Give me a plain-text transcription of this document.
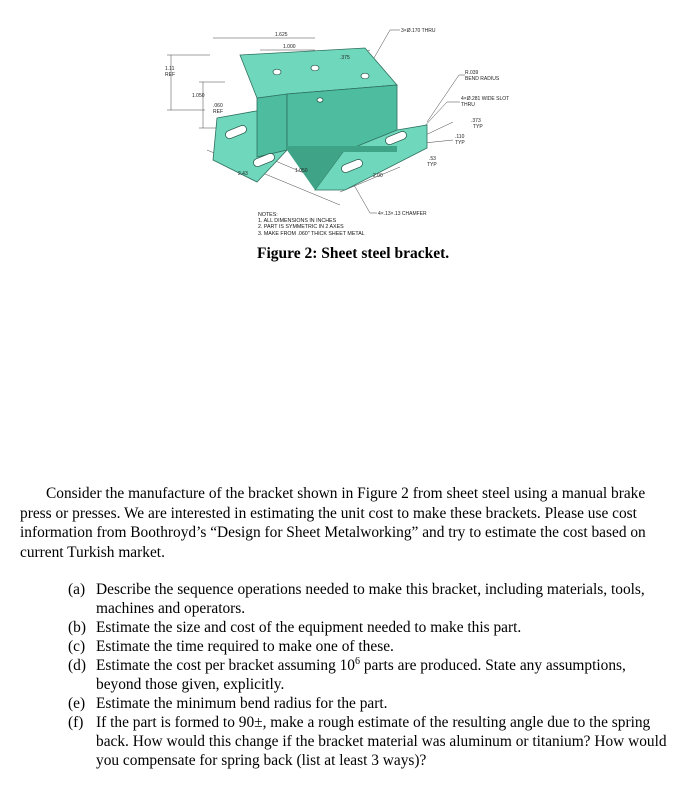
3×Ø.170 THRU
1.625
1.000
.375
1.11
REF
1.050
.060
REF
2.43	1.050
2.00
.53
TYP
R.039
BEND RADIUS
4×Ø.281 WIDE SLOT
THRU
.373
TYP
.110
TYP
4×.13×.13 CHAMFER
NOTES:
1. ALL DIMENSIONS IN INCHES
2. PART IS SYMMETRIC IN 2 AXES
3. MAKE FROM .060" THICK SHEET METAL
Figure 2: Sheet steel bracket.
Consider the manufacture of the bracket shown in Figure 2 from sheet steel using a manual brake press or presses. We are interested in estimating the unit cost to make these brackets. Please use cost information from Boothroyd’s “Design for Sheet Metalworking” and try to estimate the cost based on current Turkish market.
(a) Describe the sequence operations needed to make this bracket, including materials, tools, machines and operators.
(b) Estimate the size and cost of the equipment needed to make this part.
(c) Estimate the time required to make one of these.
(d) Estimate the cost per bracket assuming $10^6$ parts are produced. State any assumptions, beyond those given, explicitly.
(e) Estimate the minimum bend radius for the part.
(f) If the part is formed to 90±, make a rough estimate of the resulting angle due to the spring back. How would this change if the bracket material was aluminum or titanium? How would you compensate for spring back (list at least 3 ways)?
